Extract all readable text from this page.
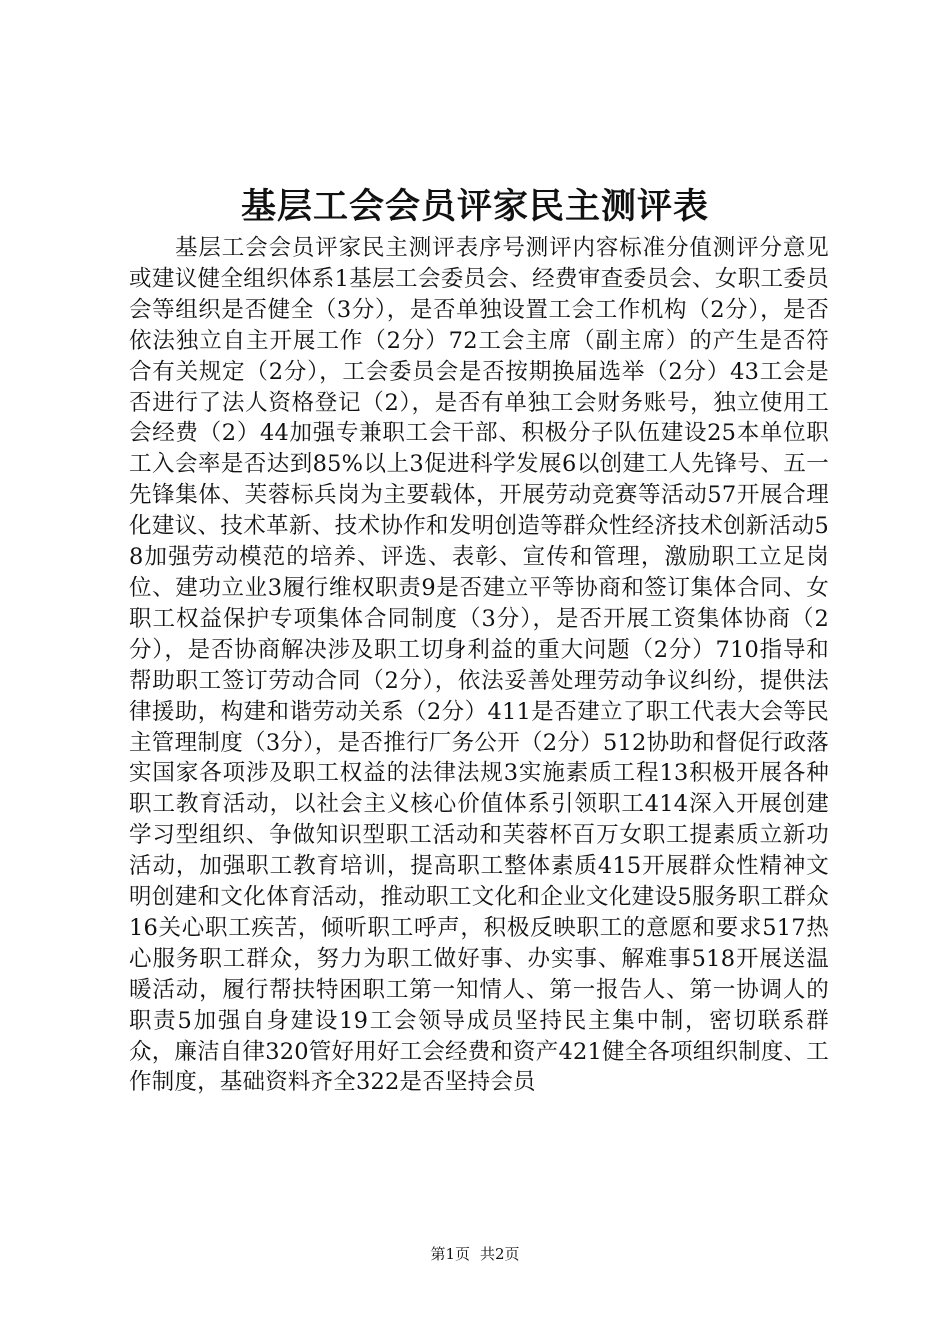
基层工会会员评家民主测评表

基层工会会员评家民主测评表序号测评内容标准分值测评分意见或建议健全组织体系1基层工会委员会、经费审查委员会、女职工委员会等组织是否健全（3分），是否单独设置工会工作机构（2分），是否依法独立自主开展工作（2分）72工会主席（副主席）的产生是否符合有关规定（2分），工会委员会是否按期换届选举（2分）43工会是否进行了法人资格登记（2），是否有单独工会财务账号，独立使用工会经费（2）44加强专兼职工会干部、积极分子队伍建设25本单位职工入会率是否达到85%以上3促进科学发展6以创建工人先锋号、五一先锋集体、芙蓉标兵岗为主要载体，开展劳动竞赛等活动57开展合理化建议、技术革新、技术协作和发明创造等群众性经济技术创新活动58加强劳动模范的培养、评选、表彰、宣传和管理，激励职工立足岗位、建功立业3履行维权职责9是否建立平等协商和签订集体合同、女职工权益保护专项集体合同制度（3分），是否开展工资集体协商（2分），是否协商解决涉及职工切身利益的重大问题（2分）710指导和帮助职工签订劳动合同（2分），依法妥善处理劳动争议纠纷，提供法律援助，构建和谐劳动关系（2分）411是否建立了职工代表大会等民主管理制度（3分），是否推行厂务公开（2分）512协助和督促行政落实国家各项涉及职工权益的法律法规3实施素质工程13积极开展各种职工教育活动，以社会主义核心价值体系引领职工414深入开展创建学习型组织、争做知识型职工活动和芙蓉杯百万女职工提素质立新功活动，加强职工教育培训，提高职工整体素质415开展群众性精神文明创建和文化体育活动，推动职工文化和企业文化建设5服务职工群众16关心职工疾苦，倾听职工呼声，积极反映职工的意愿和要求517热心服务职工群众，努力为职工做好事、办实事、解难事518开展送温暖活动，履行帮扶特困职工第一知情人、第一报告人、第一协调人的职责5加强自身建设19工会领导成员坚持民主集中制，密切联系群众，廉洁自律320管好用好工会经费和资产421健全各项组织制度、工作制度，基础资料齐全322是否坚持会员

第1页 共2页
